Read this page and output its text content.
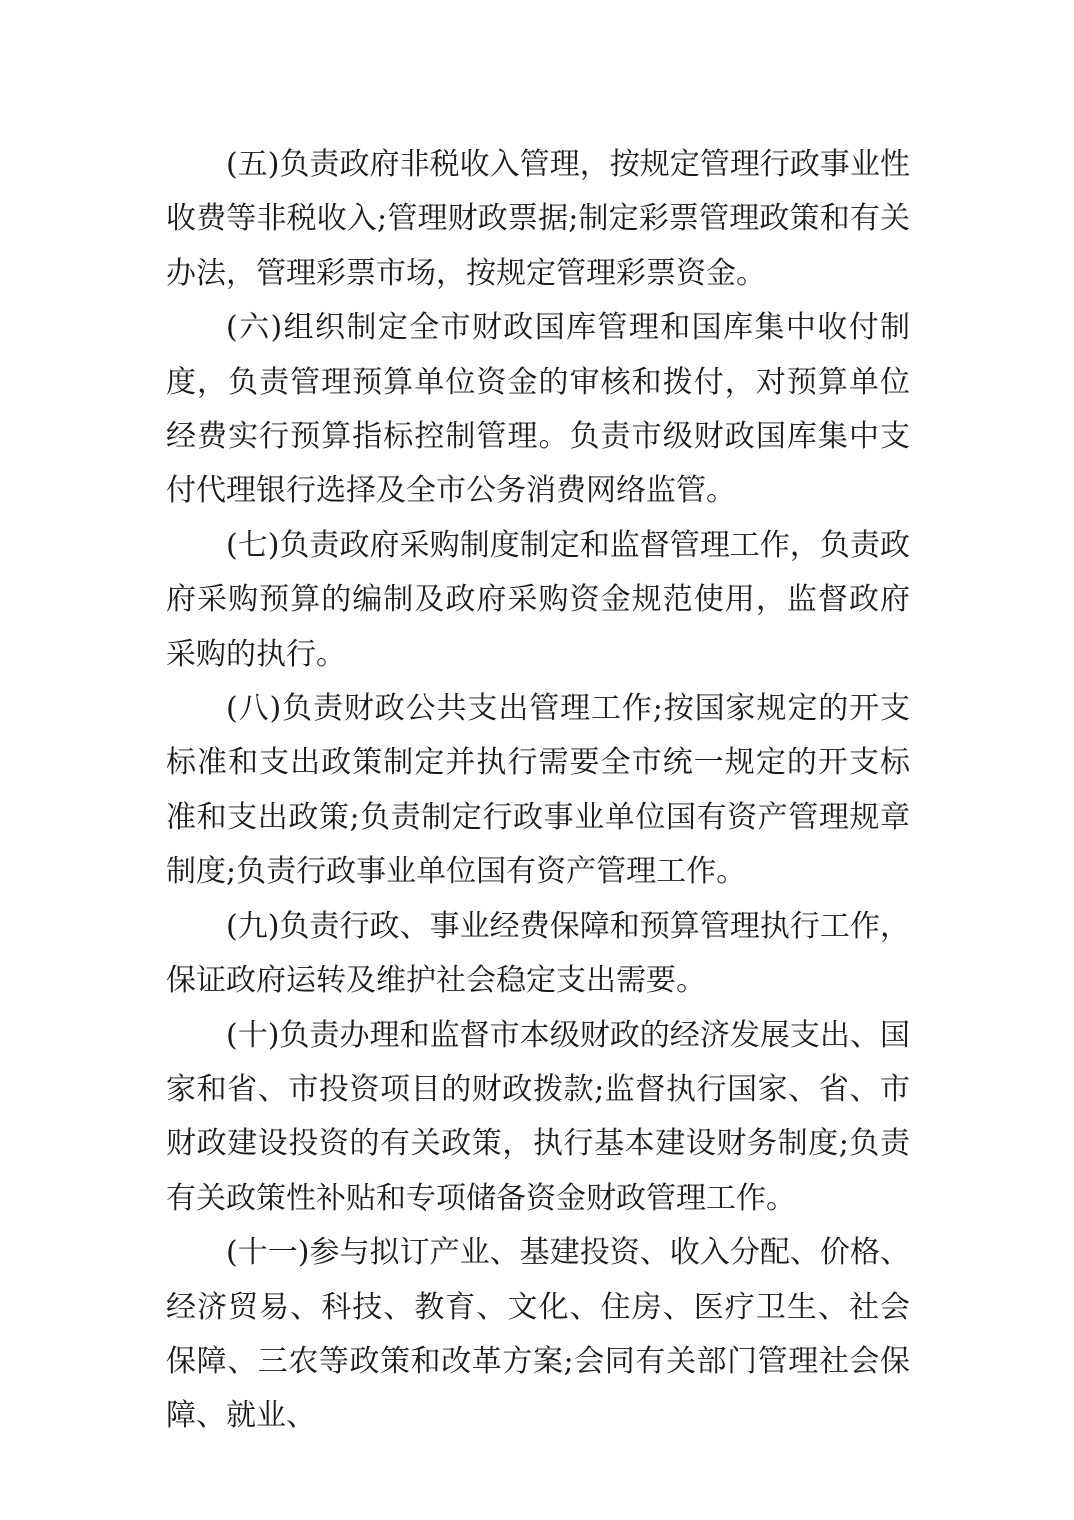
(五)负责政府非税收入管理，按规定管理行政事业性收费等非税收入;管理财政票据;制定彩票管理政策和有关办法，管理彩票市场，按规定管理彩票资金。

(六)组织制定全市财政国库管理和国库集中收付制度，负责管理预算单位资金的审核和拨付，对预算单位经费实行预算指标控制管理。负责市级财政国库集中支付代理银行选择及全市公务消费网络监管。

(七)负责政府采购制度制定和监督管理工作，负责政府采购预算的编制及政府采购资金规范使用，监督政府采购的执行。

(八)负责财政公共支出管理工作;按国家规定的开支标准和支出政策制定并执行需要全市统一规定的开支标准和支出政策;负责制定行政事业单位国有资产管理规章制度;负责行政事业单位国有资产管理工作。

(九)负责行政、事业经费保障和预算管理执行工作，保证政府运转及维护社会稳定支出需要。

(十)负责办理和监督市本级财政的经济发展支出、国家和省、市投资项目的财政拨款;监督执行国家、省、市财政建设投资的有关政策，执行基本建设财务制度;负责有关政策性补贴和专项储备资金财政管理工作。

(十一)参与拟订产业、基建投资、收入分配、价格、经济贸易、科技、教育、文化、住房、医疗卫生、社会保障、三农等政策和改革方案;会同有关部门管理社会保障、就业、
